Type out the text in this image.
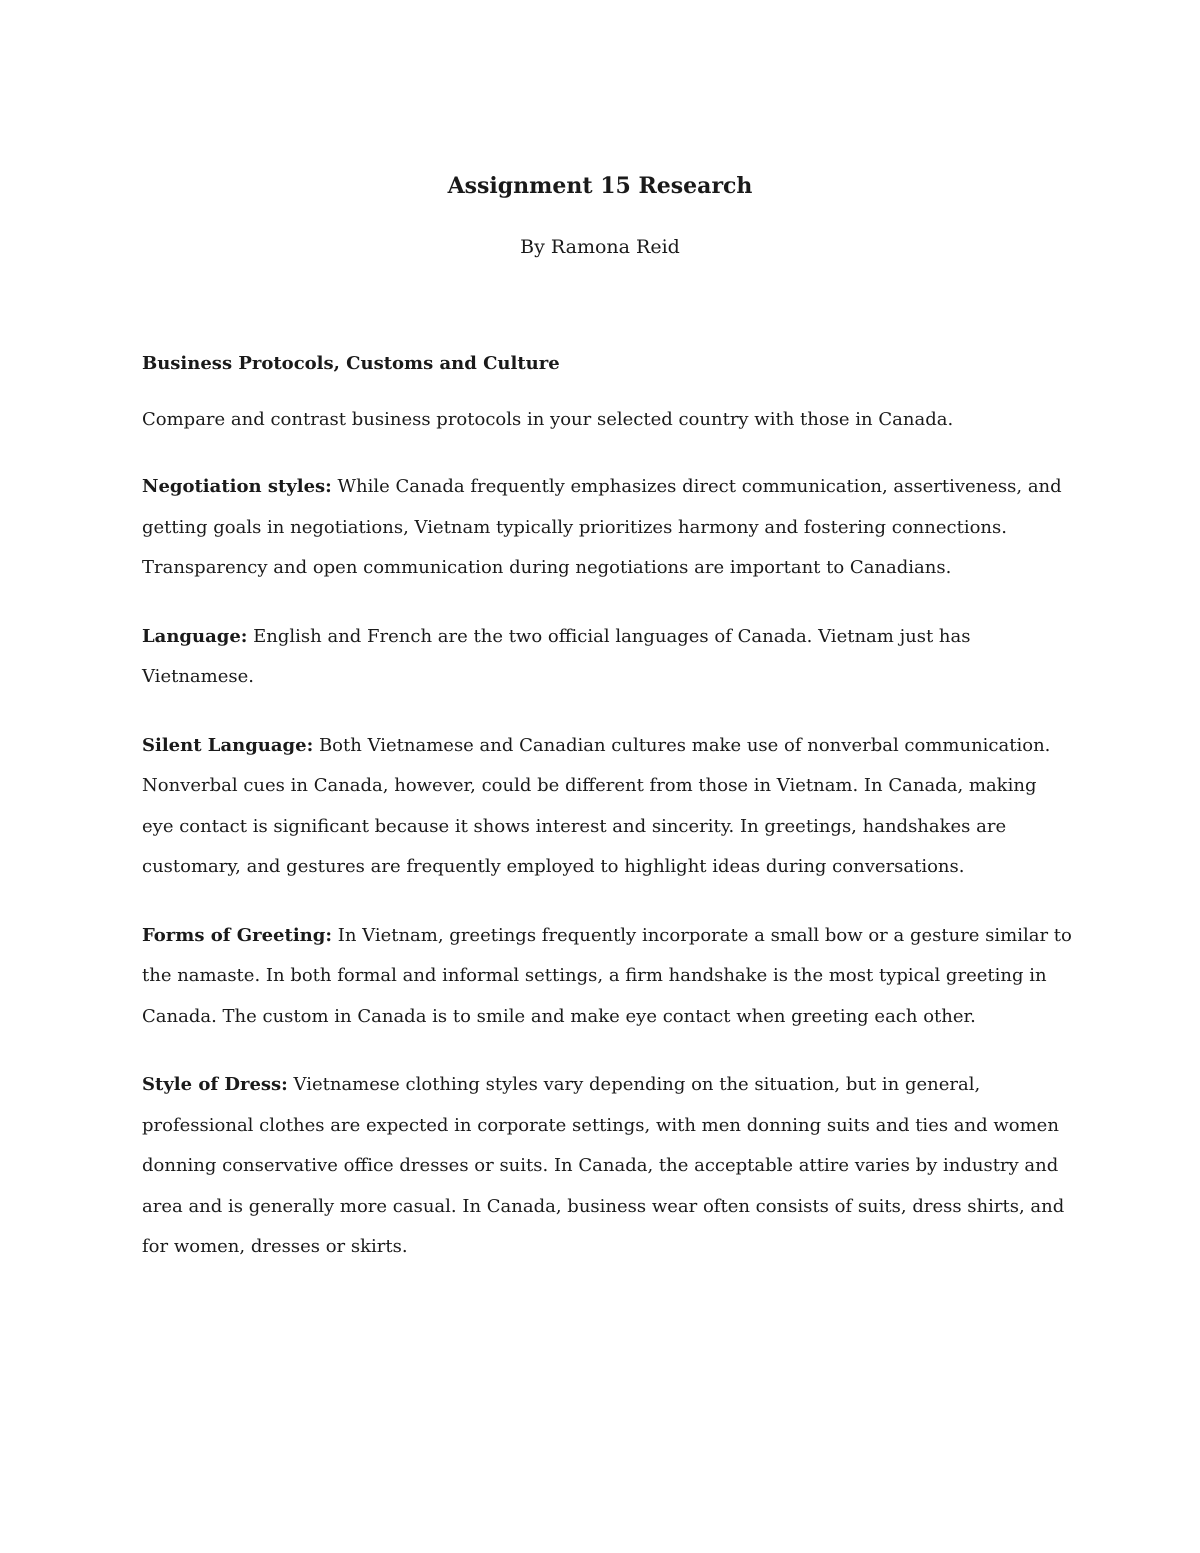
Assignment 15 Research

By Ramona Reid

Business Protocols, Customs and Culture

Compare and contrast business protocols in your selected country with those in Canada.

Negotiation styles: While Canada frequently emphasizes direct communication, assertiveness, and getting goals in negotiations, Vietnam typically prioritizes harmony and fostering connections. Transparency and open communication during negotiations are important to Canadians.

Language: English and French are the two official languages of Canada. Vietnam just has Vietnamese.

Silent Language: Both Vietnamese and Canadian cultures make use of nonverbal communication. Nonverbal cues in Canada, however, could be different from those in Vietnam. In Canada, making eye contact is significant because it shows interest and sincerity. In greetings, handshakes are customary, and gestures are frequently employed to highlight ideas during conversations.

Forms of Greeting: In Vietnam, greetings frequently incorporate a small bow or a gesture similar to the namaste. In both formal and informal settings, a firm handshake is the most typical greeting in Canada. The custom in Canada is to smile and make eye contact when greeting each other.

Style of Dress: Vietnamese clothing styles vary depending on the situation, but in general, professional clothes are expected in corporate settings, with men donning suits and ties and women donning conservative office dresses or suits. In Canada, the acceptable attire varies by industry and area and is generally more casual. In Canada, business wear often consists of suits, dress shirts, and for women, dresses or skirts.
